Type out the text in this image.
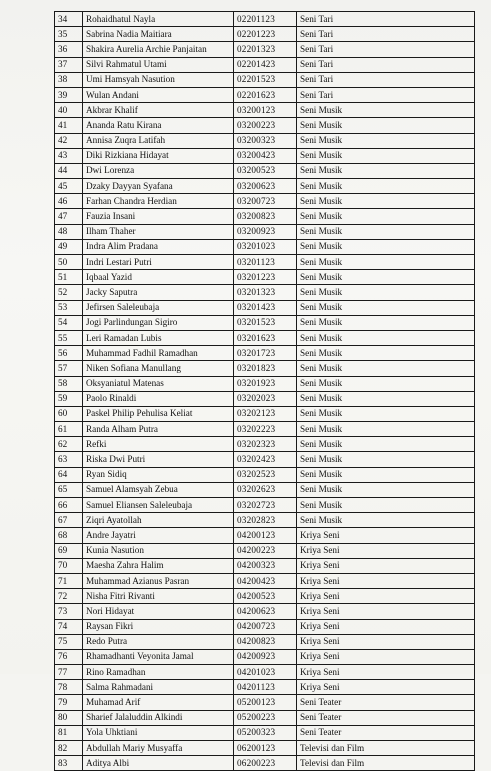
34	Rohaidhatul Nayla	02201123	Seni Tari
35	Sabrina Nadia Maitiara	02201223	Seni Tari
36	Shakira Aurelia Archie Panjaitan	02201323	Seni Tari
37	Silvi Rahmatul Utami	02201423	Seni Tari
38	Umi Hamsyah Nasution	02201523	Seni Tari
39	Wulan Andani	02201623	Seni Tari
40	Akbrar Khalif	03200123	Seni Musik
41	Ananda Ratu Kirana	03200223	Seni Musik
42	Annisa Zuqra Latifah	03200323	Seni Musik
43	Diki Rizkiana Hidayat	03200423	Seni Musik
44	Dwi Lorenza	03200523	Seni Musik
45	Dzaky Dayyan Syafana	03200623	Seni Musik
46	Farhan Chandra Herdian	03200723	Seni Musik
47	Fauzia Insani	03200823	Seni Musik
48	Ilham Thaher	03200923	Seni Musik
49	Indra Alim Pradana	03201023	Seni Musik
50	Indri Lestari Putri	03201123	Seni Musik
51	Iqbaal Yazid	03201223	Seni Musik
52	Jacky Saputra	03201323	Seni Musik
53	Jefirsen Saleleubaja	03201423	Seni Musik
54	Jogi Parlindungan Sigiro	03201523	Seni Musik
55	Leri Ramadan Lubis	03201623	Seni Musik
56	Muhammad Fadhil Ramadhan	03201723	Seni Musik
57	Niken Sofiana Manullang	03201823	Seni Musik
58	Oksyaniatul Matenas	03201923	Seni Musik
59	Paolo Rinaldi	03202023	Seni Musik
60	Paskel Philip Pehulisa Keliat	03202123	Seni Musik
61	Randa Alham Putra	03202223	Seni Musik
62	Refki	03202323	Seni Musik
63	Riska Dwi Putri	03202423	Seni Musik
64	Ryan Sidiq	03202523	Seni Musik
65	Samuel Alamsyah Zebua	03202623	Seni Musik
66	Samuel Eliansen Saleleubaja	03202723	Seni Musik
67	Ziqri Ayatollah	03202823	Seni Musik
68	Andre Jayatri	04200123	Kriya Seni
69	Kunia Nasution	04200223	Kriya Seni
70	Maesha Zahra Halim	04200323	Kriya Seni
71	Muhammad Azianus Pasran	04200423	Kriya Seni
72	Nisha Fitri Rivanti	04200523	Kriya Seni
73	Nori Hidayat	04200623	Kriya Seni
74	Raysan Fikri	04200723	Kriya Seni
75	Redo Putra	04200823	Kriya Seni
76	Rhamadhanti Veyonita Jamal	04200923	Kriya Seni
77	Rino Ramadhan	04201023	Kriya Seni
78	Salma Rahmadani	04201123	Kriya Seni
79	Muhamad Arif	05200123	Seni Teater
80	Sharief Jalaluddin Alkindi	05200223	Seni Teater
81	Yola Uhktiani	05200323	Seni Teater
82	Abdullah Mariy Musyaffa	06200123	Televisi dan Film
83	Aditya Albi	06200223	Televisi dan Film
